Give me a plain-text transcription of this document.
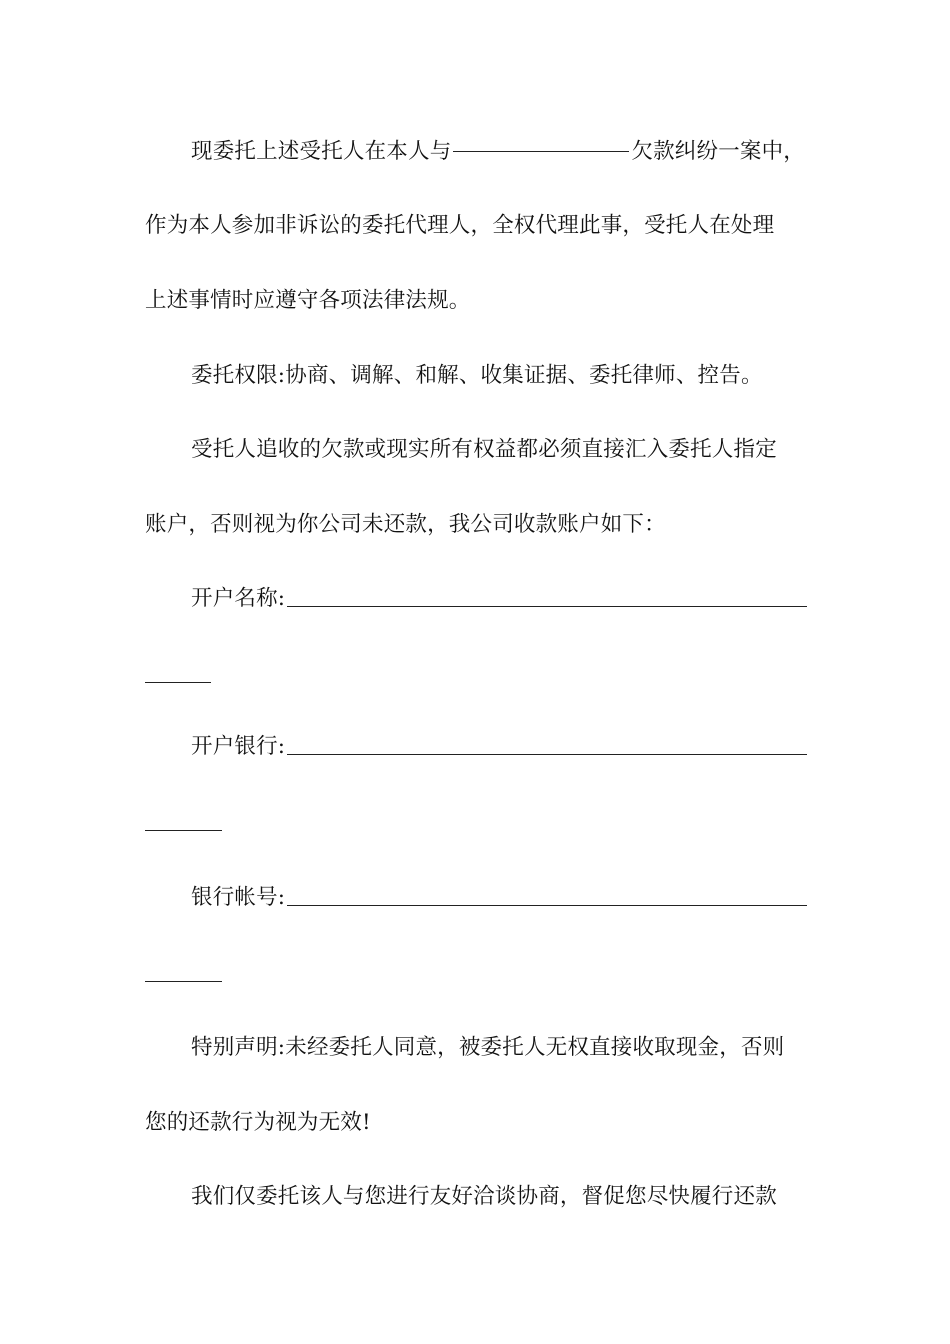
现委托上述受托人在本人与	欠款纠纷一案中，
作为本人参加非诉讼的委托代理人，全权代理此事，受托人在处理
上述事情时应遵守各项法律法规。
委托权限:协商、调解、和解、收集证据、委托律师、控告。
受托人追收的欠款或现实所有权益都必须直接汇入委托人指定
账户，否则视为你公司未还款，我公司收款账户如下：
开户名称:
开户银行:
银行帐号:
特别声明:未经委托人同意，被委托人无权直接收取现金，否则
您的还款行为视为无效!
我们仅委托该人与您进行友好洽谈协商，督促您尽快履行还款
